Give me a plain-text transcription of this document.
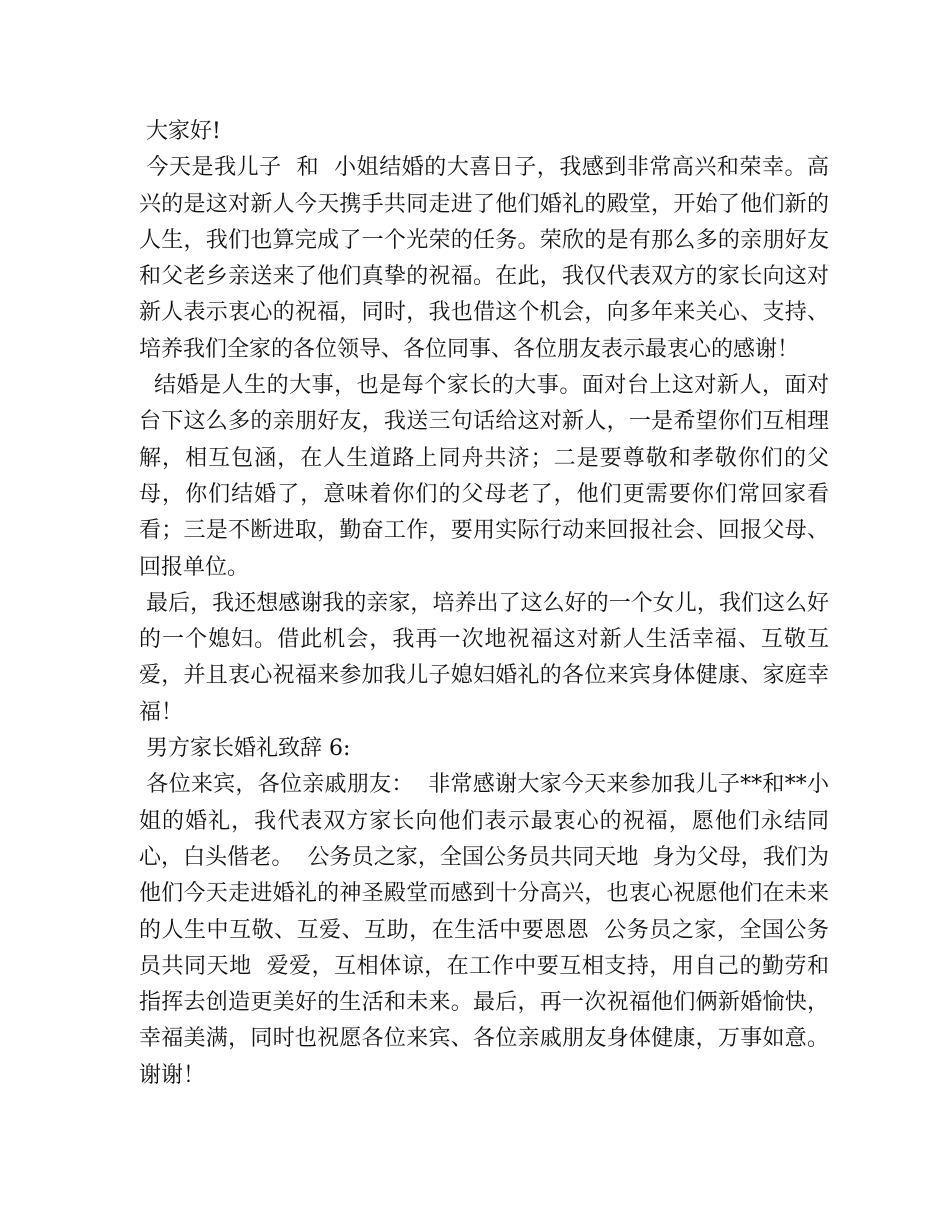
大家好!

今天是我儿子  和  小姐结婚的大喜日子，我感到非常高兴和荣幸。高兴的是这对新人今天携手共同走进了他们婚礼的殿堂，开始了他们新的人生，我们也算完成了一个光荣的任务。荣欣的是有那么多的亲朋好友和父老乡亲送来了他们真挚的祝福。在此，我仅代表双方的家长向这对新人表示衷心的祝福，同时，我也借这个机会，向多年来关心、支持、培养我们全家的各位领导、各位同事、各位朋友表示最衷心的感谢！

结婚是人生的大事，也是每个家长的大事。面对台上这对新人，面对台下这么多的亲朋好友，我送三句话给这对新人，一是希望你们互相理解，相互包涵，在人生道路上同舟共济；二是要尊敬和孝敬你们的父母，你们结婚了，意味着你们的父母老了，他们更需要你们常回家看看；三是不断进取，勤奋工作，要用实际行动来回报社会、回报父母、回报单位。

最后，我还想感谢我的亲家，培养出了这么好的一个女儿，我们这么好的一个媳妇。借此机会，我再一次地祝福这对新人生活幸福、互敬互爱，并且衷心祝福来参加我儿子媳妇婚礼的各位来宾身体健康、家庭幸福！

男方家长婚礼致辞 6:

各位来宾，各位亲戚朋友：  非常感谢大家今天来参加我儿子**和**小姐的婚礼，我代表双方家长向他们表示最衷心的祝福，愿他们永结同心，白头偕老。  公务员之家，全国公务员共同天地  身为父母，我们为他们今天走进婚礼的神圣殿堂而感到十分高兴，也衷心祝愿他们在未来的人生中互敬、互爱、互助，在生活中要恩恩  公务员之家，全国公务员共同天地  爱爱，互相体谅，在工作中要互相支持，用自己的勤劳和指挥去创造更美好的生活和未来。最后，再一次祝福他们俩新婚愉快，幸福美满，同时也祝愿各位来宾、各位亲戚朋友身体健康，万事如意。  谢谢！
